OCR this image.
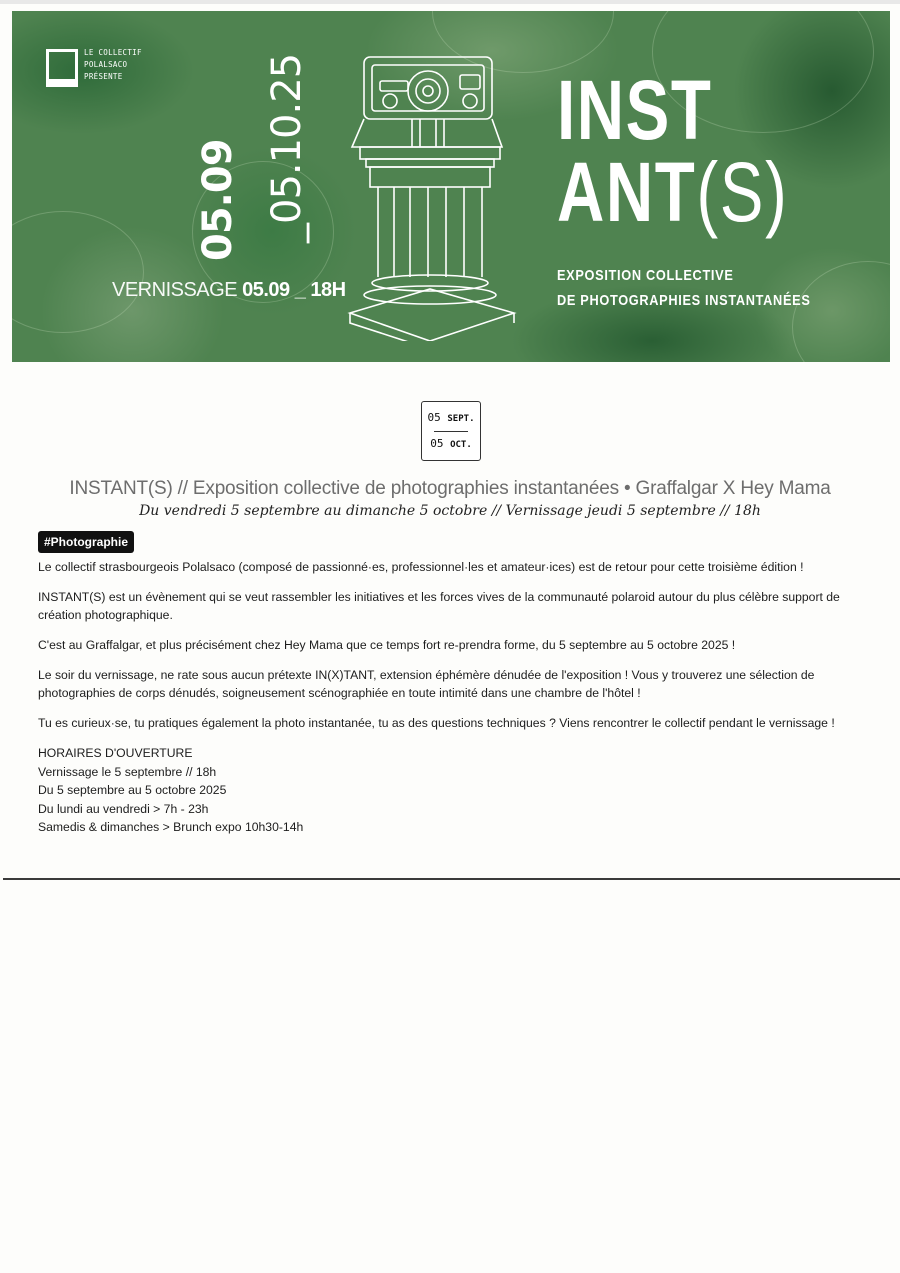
LE COLLECTIF
POLALSACO
PRÉSENTE
05.09 _05.10.25
VERNISSAGE 05.09 _ 18H
INST
ANT(S)
EXPOSITION COLLECTIVE
DE PHOTOGRAPHIES INSTANTANÉES
05 SEPT.
05 OCT.
INSTANT(S) // Exposition collective de photographies instantanées • Graffalgar X Hey Mama
Du vendredi 5 septembre au dimanche 5 octobre // Vernissage jeudi 5 septembre // 18h
#Photographie

Le collectif strasbourgeois Polalsaco (composé de passionné·es, professionnel·les et amateur·ices) est de retour pour cette troisième édition !

INSTANT(S) est un évènement qui se veut rassembler les initiatives et les forces vives de la communauté polaroid autour du plus célèbre support de création photographique.

C'est au Graffalgar, et plus précisément chez Hey Mama que ce temps fort re-prendra forme, du 5 septembre au 5 octobre 2025 !

Le soir du vernissage, ne rate sous aucun prétexte IN(X)TANT, extension éphémère dénudée de l'exposition ! Vous y trouverez une sélection de photographies de corps dénudés, soigneusement scénographiée en toute intimité dans une chambre de l'hôtel !

Tu es curieux·se, tu pratiques également la photo instantanée, tu as des questions techniques ? Viens rencontrer le collectif pendant le vernissage !

HORAIRES D'OUVERTURE
Vernissage le 5 septembre // 18h
Du 5 septembre au 5 octobre 2025
Du lundi au vendredi > 7h - 23h
Samedis & dimanches > Brunch expo 10h30-14h
